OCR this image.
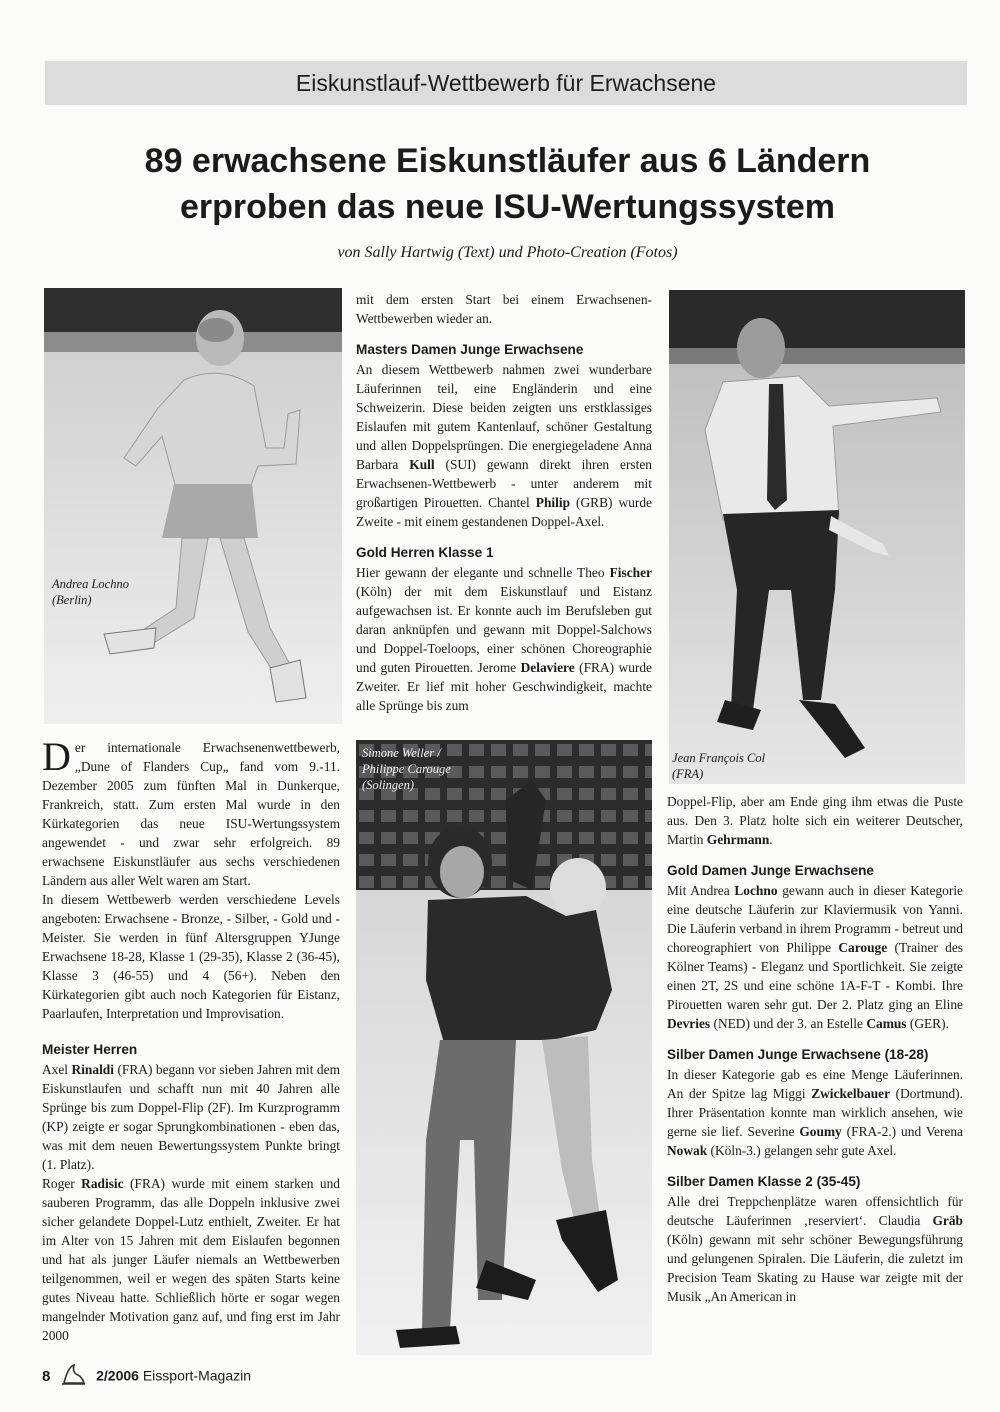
Eiskunstlauf-Wettbewerb für Erwachsene
89 erwachsene Eiskunstläufer aus 6 Ländern
erproben das neue ISU-Wertungssystem
von Sally Hartwig (Text) und Photo-Creation (Fotos)
Andrea Lochno
(Berlin)
Jean François Col
(FRA)
Simone Weller /
Philippe Carouge
(Solingen)

Der internationale Erwachsenenwettbewerb, „Dune of Flanders Cup„ fand vom 9.-11. Dezember 2005 zum fünften Mal in Dunkerque, Frankreich, statt. Zum ersten Mal wurde in den Kürkategorien das neue ISU-Wertungssystem angewendet - und zwar sehr erfolgreich. 89 erwachsene Eiskunstläufer aus sechs verschiedenen Ländern aus aller Welt waren am Start.

In diesem Wettbewerb werden verschiedene Levels angeboten: Erwachsene - Bronze, - Silber, - Gold und - Meister. Sie werden in fünf Altersgruppen YJunge Erwachsene 18-28, Klasse 1 (29-35), Klasse 2 (36-45), Klasse 3 (46-55) und 4 (56+). Neben den Kürkategorien gibt auch noch Kategorien für Eistanz, Paarlaufen, Interpretation und Improvisation.

Meister Herren

Axel Rinaldi (FRA) begann vor sieben Jahren mit dem Eiskunstlaufen und schafft nun mit 40 Jahren alle Sprünge bis zum Doppel-Flip (2F). Im Kurzprogramm (KP) zeigte er sogar Sprungkombinationen - eben das, was mit dem neuen Bewertungssystem Punkte bringt (1. Platz).

Roger Radisic (FRA) wurde mit einem starken und sauberen Programm, das alle Doppeln inklusive zwei sicher gelandete Doppel-Lutz enthielt, Zweiter. Er hat im Alter von 15 Jahren mit dem Eislaufen begonnen und hat als junger Läufer niemals an Wettbewerben teilgenommen, weil er wegen des späten Starts keine gutes Niveau hatte. Schließlich hörte er sogar wegen mangelnder Motivation ganz auf, und fing erst im Jahr 2000

mit dem ersten Start bei einem Erwachsenen-Wettbewerben wieder an.

Masters Damen Junge Erwachsene

An diesem Wettbewerb nahmen zwei wunderbare Läuferinnen teil, eine Engländerin und eine Schweizerin. Diese beiden zeigten uns erstklassiges Eislaufen mit gutem Kantenlauf, schöner Gestaltung und allen Doppelsprüngen. Die energiegeladene Anna Barbara Kull (SUI) gewann direkt ihren ersten Erwachsenen-Wettbewerb - unter anderem mit großartigen Pirouetten. Chantel Philip (GRB) wurde Zweite - mit einem gestandenen Doppel-Axel.

Gold Herren Klasse 1

Hier gewann der elegante und schnelle Theo Fischer (Köln) der mit dem Eiskunstlauf und Eistanz aufgewachsen ist. Er konnte auch im Berufsleben gut daran anknüpfen und gewann mit Doppel-Salchows und Doppel-Toeloops, einer schönen Choreographie und guten Pirouetten. Jerome Delaviere (FRA) wurde Zweiter. Er lief mit hoher Geschwindigkeit, machte alle Sprünge bis zum

Doppel-Flip, aber am Ende ging ihm etwas die Puste aus. Den 3. Platz holte sich ein weiterer Deutscher, Martin Gehrmann.

Gold Damen Junge Erwachsene

Mit Andrea Lochno gewann auch in dieser Kategorie eine deutsche Läuferin zur Klaviermusik von Yanni. Die Läuferin verband in ihrem Programm - betreut und choreographiert von Philippe Carouge (Trainer des Kölner Teams) - Eleganz und Sportlichkeit. Sie zeigte einen 2T, 2S und eine schöne 1A-F-T - Kombi. Ihre Pirouetten waren sehr gut. Der 2. Platz ging an Eline Devries (NED) und der 3. an Estelle Camus (GER).

Silber Damen Junge Erwachsene (18-28)

In dieser Kategorie gab es eine Menge Läuferinnen. An der Spitze lag Miggi Zwickelbauer (Dortmund). Ihrer Präsentation konnte man wirklich ansehen, wie gerne sie lief. Severine Goumy (FRA-2.) und Verena Nowak (Köln-3.) gelangen sehr gute Axel.

Silber Damen Klasse 2 (35-45)

Alle drei Treppchenplätze waren offensichtlich für deutsche Läuferinnen ‚reserviert‘. Claudia Gräb (Köln) gewann mit sehr schöner Bewegungsführung und gelungenen Spiralen. Die Läuferin, die zuletzt im Precision Team Skating zu Hause war zeigte mit der Musik „An American in

8	2/2006 Eissport-Magazin
